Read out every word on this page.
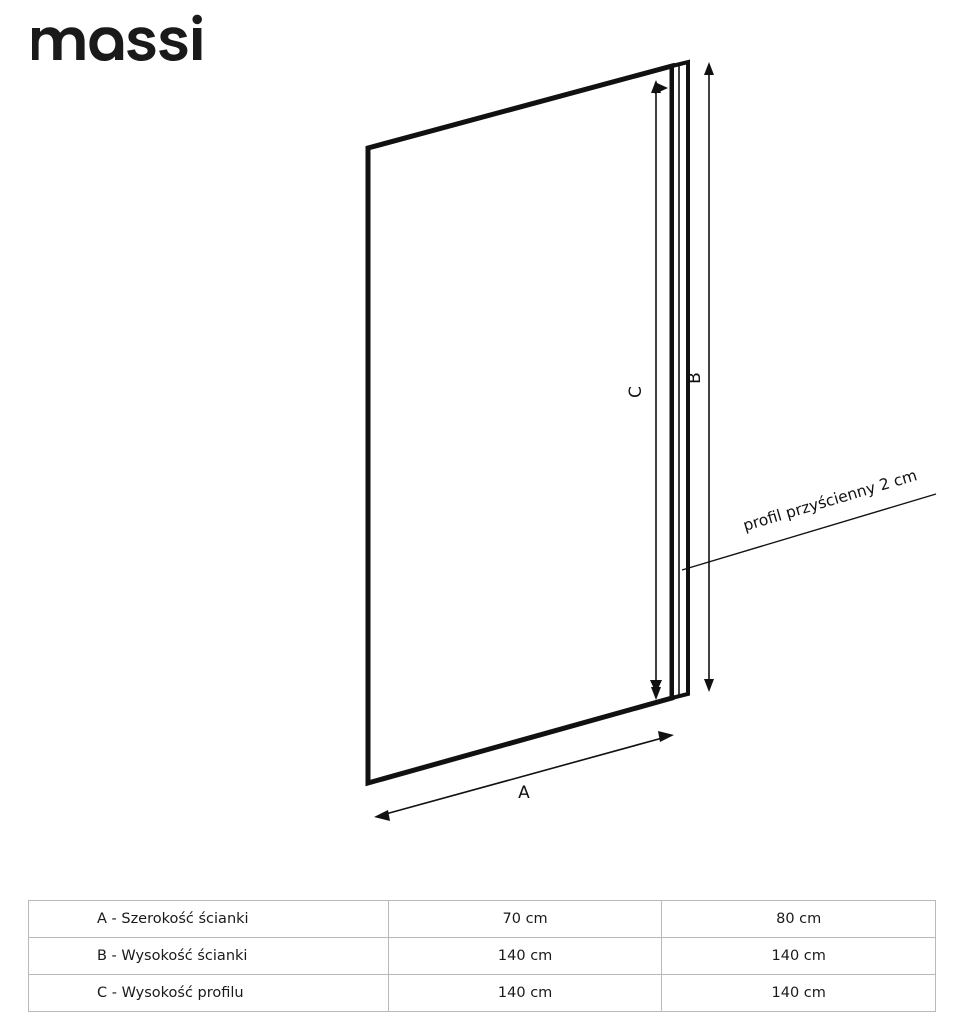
C
B
A
profil przyścienny 2 cm
A - Szerokość ścianki	70 cm	80 cm
B - Wysokość ścianki	140 cm	140 cm
C - Wysokość profilu	140 cm	140 cm
